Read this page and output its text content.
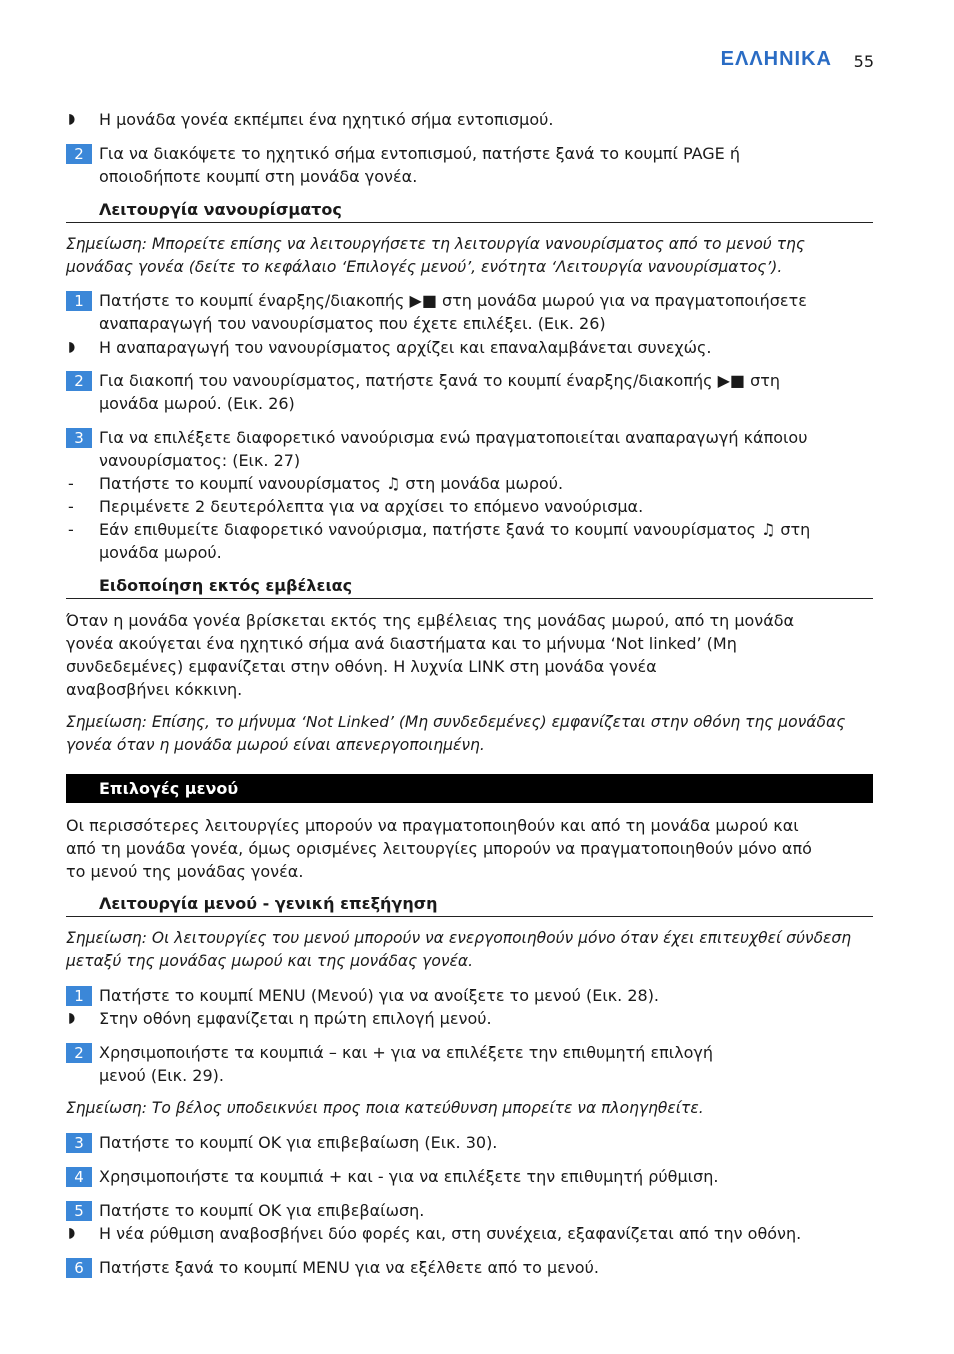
ΕΛΛΗΝΙΚΑ 55
◗ Η μονάδα γονέα εκπέμπει ένα ηχητικό σήμα εντοπισμού.
2 Για να διακόψετε το ηχητικό σήμα εντοπισμού, πατήστε ξανά το κουμπί PAGE ή
οποιοδήποτε κουμπί στη μονάδα γονέα.
Λειτουργία νανουρίσματος
Σημείωση: Μπορείτε επίσης να λειτουργήσετε τη λειτουργία νανουρίσματος από το μενού της
μονάδας γονέα (δείτε το κεφάλαιο ‘Επιλογές μενού’, ενότητα ‘Λειτουργία νανουρίσματος’).
1 Πατήστε το κουμπί έναρξης/διακοπής ▶■ στη μονάδα μωρού για να πραγματοποιήσετε
αναπαραγωγή του νανουρίσματος που έχετε επιλέξει. (Εικ. 26)
◗ Η αναπαραγωγή του νανουρίσματος αρχίζει και επαναλαμβάνεται συνεχώς.
2 Για διακοπή του νανουρίσματος, πατήστε ξανά το κουμπί έναρξης/διακοπής ▶■ στη
μονάδα μωρού. (Εικ. 26)
3 Για να επιλέξετε διαφορετικό νανούρισμα ενώ πραγματοποιείται αναπαραγωγή κάποιου
νανουρίσματος: (Εικ. 27)
-	Πατήστε το κουμπί νανουρίσματος ♫ στη μονάδα μωρού.
-	Περιμένετε 2 δευτερόλεπτα για να αρχίσει το επόμενο νανούρισμα.
-	Εάν επιθυμείτε διαφορετικό νανούρισμα, πατήστε ξανά το κουμπί νανουρίσματος ♫ στη
μονάδα μωρού.
Ειδοποίηση εκτός εμβέλειας
Όταν η μονάδα γονέα βρίσκεται εκτός της εμβέλειας της μονάδας μωρού, από τη μονάδα
γονέα ακούγεται ένα ηχητικό σήμα ανά διαστήματα και το μήνυμα ‘Not linked’ (Μη
συνδεδεμένες) εμφανίζεται στην οθόνη. Η λυχνία LINK στη μονάδα γονέα
αναβοσβήνει κόκκινη.
Σημείωση: Επίσης, το μήνυμα ‘Not Linked’ (Μη συνδεδεμένες) εμφανίζεται στην οθόνη της μονάδας
γονέα όταν η μονάδα μωρού είναι απενεργοποιημένη.
Επιλογές μενού
Οι περισσότερες λειτουργίες μπορούν να πραγματοποιηθούν και από τη μονάδα μωρού και
από τη μονάδα γονέα, όμως ορισμένες λειτουργίες μπορούν να πραγματοποιηθούν μόνο από
το μενού της μονάδας γονέα.
Λειτουργία μενού - γενική επεξήγηση
Σημείωση: Οι λειτουργίες του μενού μπορούν να ενεργοποιηθούν μόνο όταν έχει επιτευχθεί σύνδεση
μεταξύ της μονάδας μωρού και της μονάδας γονέα.
1 Πατήστε το κουμπί MENU (Μενού) για να ανοίξετε το μενού (Εικ. 28).
◗ Στην οθόνη εμφανίζεται η πρώτη επιλογή μενού.
2 Χρησιμοποιήστε τα κουμπιά – και + για να επιλέξετε την επιθυμητή επιλογή
μενού (Εικ. 29).
Σημείωση: Το βέλος υποδεικνύει προς ποια κατεύθυνση μπορείτε να πλοηγηθείτε.
3 Πατήστε το κουμπί OK για επιβεβαίωση (Εικ. 30).
4 Χρησιμοποιήστε τα κουμπιά + και - για να επιλέξετε την επιθυμητή ρύθμιση.
5 Πατήστε το κουμπί OK για επιβεβαίωση.
◗ Η νέα ρύθμιση αναβοσβήνει δύο φορές και, στη συνέχεια, εξαφανίζεται από την οθόνη.
6 Πατήστε ξανά το κουμπί MENU για να εξέλθετε από το μενού.
